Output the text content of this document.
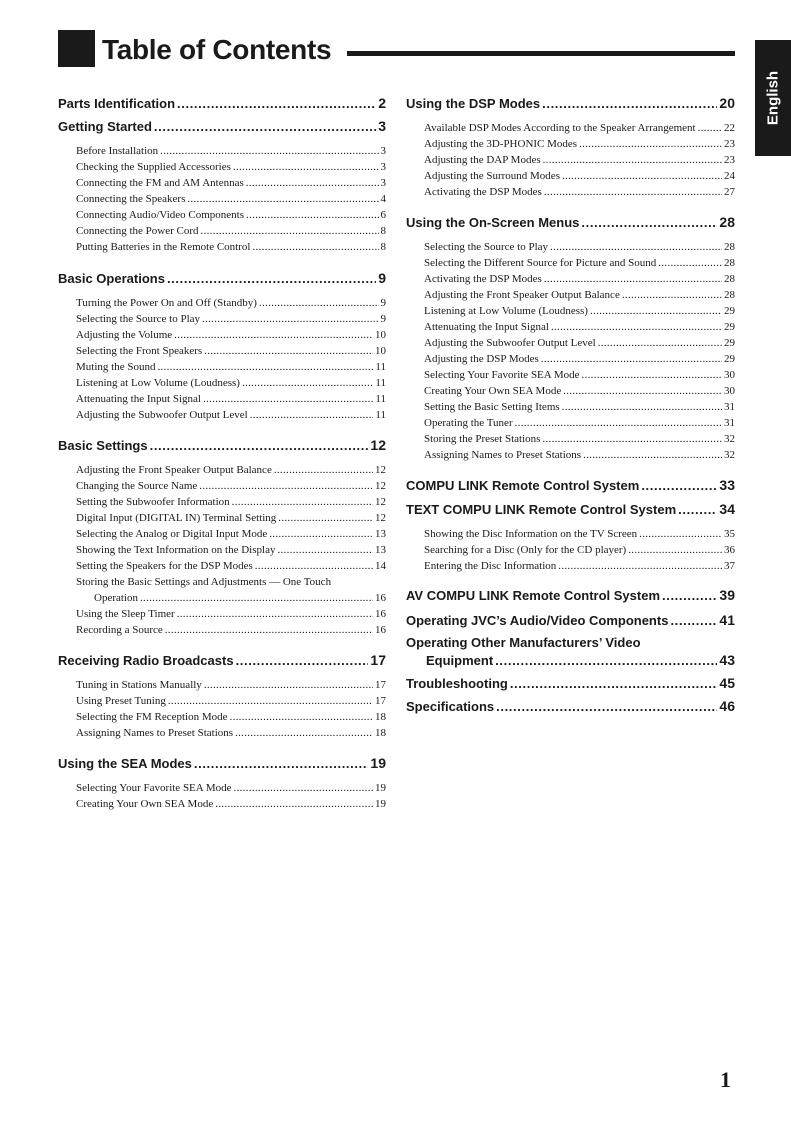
Table of Contents
English
Parts Identification . . .	2
Getting Started . . .	3
Before Installation .....	3
Checking the Supplied Accessories .....	3
Connecting the FM and AM Antennas .....	3
Connecting the Speakers .....	4
Connecting Audio/Video Components .....	6
Connecting the Power Cord .....	8
Putting Batteries in the Remote Control .....	8
Basic Operations . . .	9
Turning the Power On and Off (Standby) .....	9
Selecting the Source to Play .....	9
Adjusting the Volume .....	10
Selecting the Front Speakers .....	10
Muting the Sound .....	11
Listening at Low Volume (Loudness) .....	11
Attenuating the Input Signal .....	11
Adjusting the Subwoofer Output Level .....	11
Basic Settings . . .	12
Adjusting the Front Speaker Output Balance .....	12
Changing the Source Name .....	12
Setting the Subwoofer Information .....	12
Digital Input (DIGITAL IN) Terminal Setting .....	12
Selecting the Analog or Digital Input Mode .....	13
Showing the Text Information on the Display .....	13
Setting the Speakers for the DSP Modes .....	14
Storing the Basic Settings and Adjustments — One Touch
Operation .....	16
Using the Sleep Timer .....	16
Recording a Source .....	16
Receiving Radio Broadcasts . . .	17
Tuning in Stations Manually .....	17
Using Preset Tuning .....	17
Selecting the FM Reception Mode .....	18
Assigning Names to Preset Stations .....	18
Using the SEA Modes . . .	19
Selecting Your Favorite SEA Mode .....	19
Creating Your Own SEA Mode .....	19
Using the DSP Modes . . .	20
Available DSP Modes According to the Speaker Arrangement .....	22
Adjusting the 3D-PHONIC Modes .....	23
Adjusting the DAP Modes .....	23
Adjusting the Surround Modes .....	24
Activating the DSP Modes .....	27
Using the On-Screen Menus . . .	28
Selecting the Source to Play .....	28
Selecting the Different Source for Picture and Sound .....	28
Activating the DSP Modes .....	28
Adjusting the Front Speaker Output Balance .....	28
Listening at Low Volume (Loudness) .....	29
Attenuating the Input Signal .....	29
Adjusting the Subwoofer Output Level .....	29
Adjusting the DSP Modes .....	29
Selecting Your Favorite SEA Mode .....	30
Creating Your Own SEA Mode .....	30
Setting the Basic Setting Items .....	31
Operating the Tuner .....	31
Storing the Preset Stations .....	32
Assigning Names to Preset Stations .....	32
COMPU LINK Remote Control System . . .	33
TEXT COMPU LINK Remote Control System . . .	34
Showing the Disc Information on the TV Screen .....	35
Searching for a Disc (Only for the CD player) .....	36
Entering the Disc Information .....	37
AV COMPU LINK Remote Control System . . .	39
Operating JVC’s Audio/Video Components . . .	41
Operating Other Manufacturers’ Video
Equipment . . .	43
Troubleshooting . . .	45
Specifications . . .	46
1
